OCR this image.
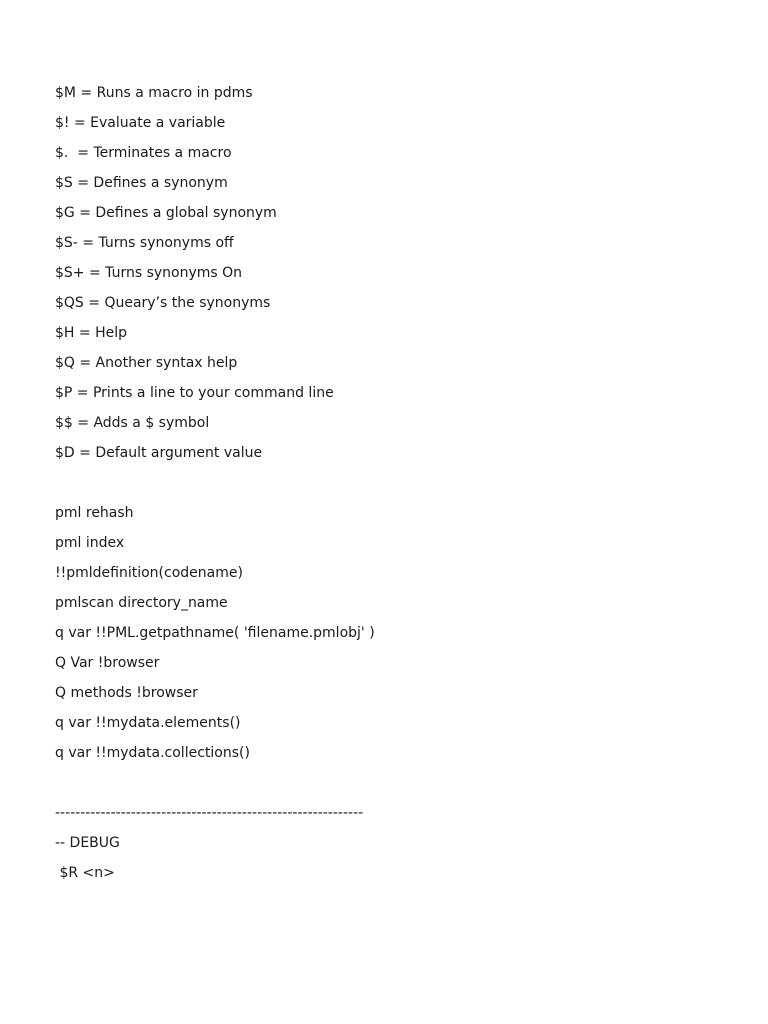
$M = Runs a macro in pdms
$! = Evaluate a variable
$.  = Terminates a macro
$S = Defines a synonym
$G = Defines a global synonym
$S- = Turns synonyms off
$S+ = Turns synonyms On
$QS = Queary’s the synonyms
$H = Help
$Q = Another syntax help
$P = Prints a line to your command line
$$ = Adds a $ symbol
$D = Default argument value
pml rehash
pml index
!!pmldefinition(codename)
pmlscan directory_name
q var !!PML.getpathname( 'filename.pmlobj' )
Q Var !browser
Q methods !browser
q var !!mydata.elements()
q var !!mydata.collections()
-------------------------------------------------------------
-- DEBUG
$R <n>
